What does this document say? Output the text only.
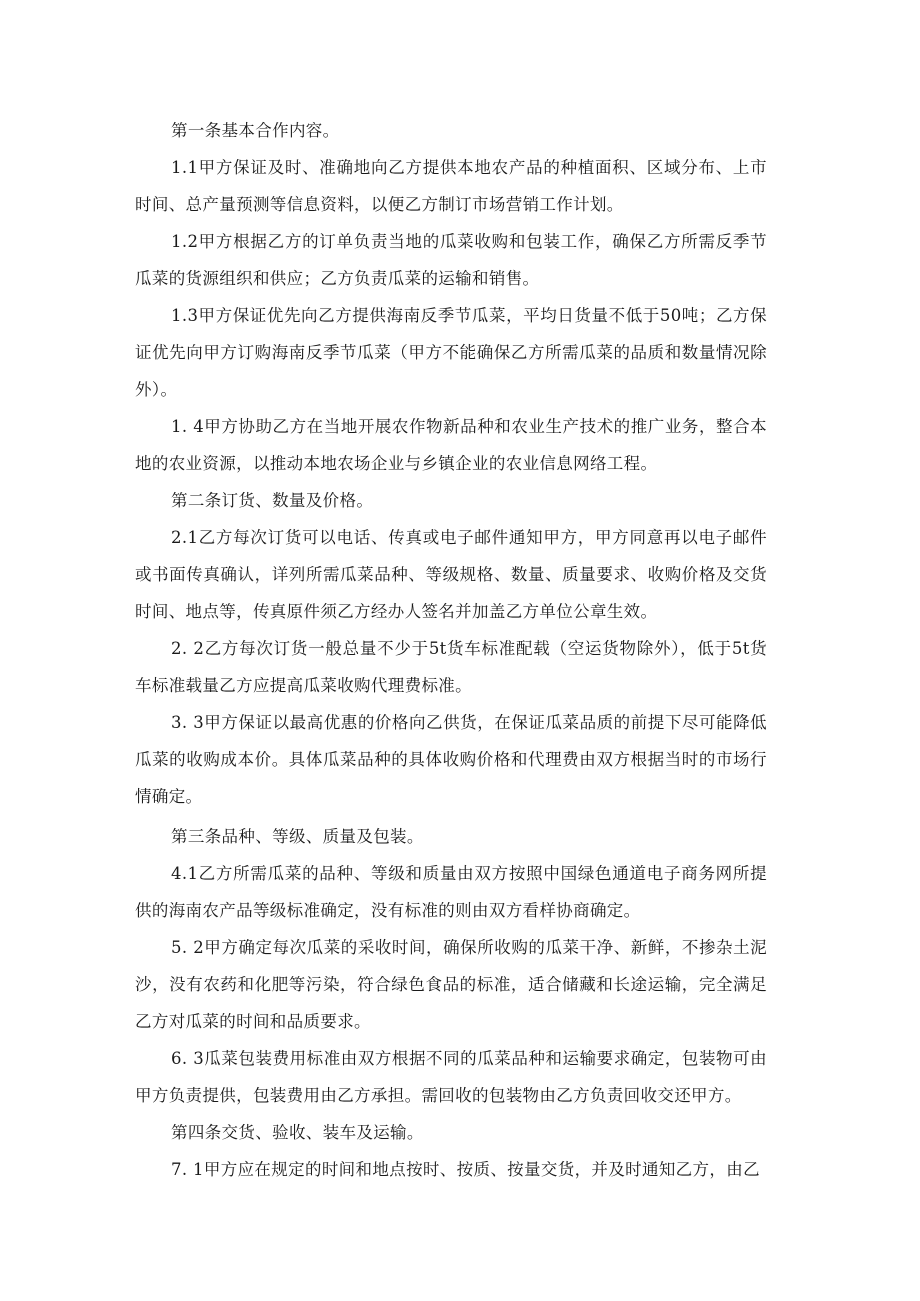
第一条基本合作内容。

1.1甲方保证及时、准确地向乙方提供本地农产品的种植面积、区域分布、上市时间、总产量预测等信息资料，以便乙方制订市场营销工作计划。

1.2甲方根据乙方的订单负责当地的瓜菜收购和包装工作，确保乙方所需反季节瓜菜的货源组织和供应；乙方负责瓜菜的运输和销售。

1.3甲方保证优先向乙方提供海南反季节瓜菜，平均日货量不低于50吨；乙方保证优先向甲方订购海南反季节瓜菜（甲方不能确保乙方所需瓜菜的品质和数量情况除外）。

1. 4甲方协助乙方在当地开展农作物新品种和农业生产技术的推广业务，整合本地的农业资源，以推动本地农场企业与乡镇企业的农业信息网络工程。

第二条订货、数量及价格。

2.1乙方每次订货可以电话、传真或电子邮件通知甲方，甲方同意再以电子邮件或书面传真确认，详列所需瓜菜品种、等级规格、数量、质量要求、收购价格及交货时间、地点等，传真原件须乙方经办人签名并加盖乙方单位公章生效。

2. 2乙方每次订货一般总量不少于5t货车标准配载（空运货物除外），低于5t货车标准载量乙方应提高瓜菜收购代理费标准。

3. 3甲方保证以最高优惠的价格向乙供货，在保证瓜菜品质的前提下尽可能降低瓜菜的收购成本价。具体瓜菜品种的具体收购价格和代理费由双方根据当时的市场行情确定。

第三条品种、等级、质量及包装。

4.1乙方所需瓜菜的品种、等级和质量由双方按照中国绿色通道电子商务网所提供的海南农产品等级标准确定，没有标准的则由双方看样协商确定。

5. 2甲方确定每次瓜菜的采收时间，确保所收购的瓜菜干净、新鲜，不掺杂土泥沙，没有农药和化肥等污染，符合绿色食品的标准，适合储藏和长途运输，完全满足乙方对瓜菜的时间和品质要求。

6. 3瓜菜包装费用标准由双方根据不同的瓜菜品种和运输要求确定，包装物可由甲方负责提供，包装费用由乙方承担。需回收的包装物由乙方负责回收交还甲方。

第四条交货、验收、装车及运输。

7. 1甲方应在规定的时间和地点按时、按质、按量交货，并及时通知乙方，由乙
